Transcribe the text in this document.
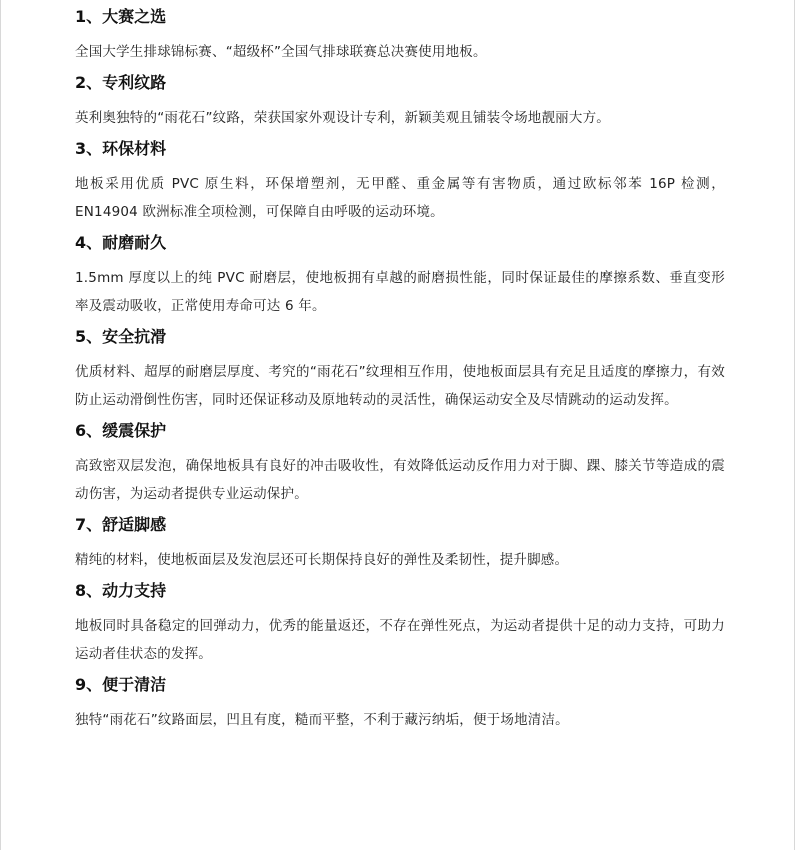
1、大赛之选

全国大学生排球锦标赛、“超级杯”全国气排球联赛总决赛使用地板。

2、专利纹路

英利奥独特的“雨花石”纹路，荣获国家外观设计专利，新颖美观且铺装令场地靓丽大方。

3、环保材料

地板采用优质 PVC 原生料，环保增塑剂，无甲醛、重金属等有害物质，通过欧标邻苯 16P 检测，EN14904 欧洲标准全项检测，可保障自由呼吸的运动环境。

4、耐磨耐久

1.5mm 厚度以上的纯 PVC 耐磨层，使地板拥有卓越的耐磨损性能，同时保证最佳的摩擦系数、垂直变形率及震动吸收，正常使用寿命可达 6 年。

5、安全抗滑

优质材料、超厚的耐磨层厚度、考究的“雨花石”纹理相互作用，使地板面层具有充足且适度的摩擦力，有效防止运动滑倒性伤害，同时还保证移动及原地转动的灵活性，确保运动安全及尽情跳动的运动发挥。

6、缓震保护

高致密双层发泡，确保地板具有良好的冲击吸收性，有效降低运动反作用力对于脚、踝、膝关节等造成的震动伤害，为运动者提供专业运动保护。

7、舒适脚感

精纯的材料，使地板面层及发泡层还可长期保持良好的弹性及柔韧性，提升脚感。

8、动力支持

地板同时具备稳定的回弹动力，优秀的能量返还，不存在弹性死点，为运动者提供十足的动力支持，可助力运动者佳状态的发挥。

9、便于清洁

独特“雨花石”纹路面层，凹且有度，糙而平整，不利于藏污纳垢，便于场地清洁。
